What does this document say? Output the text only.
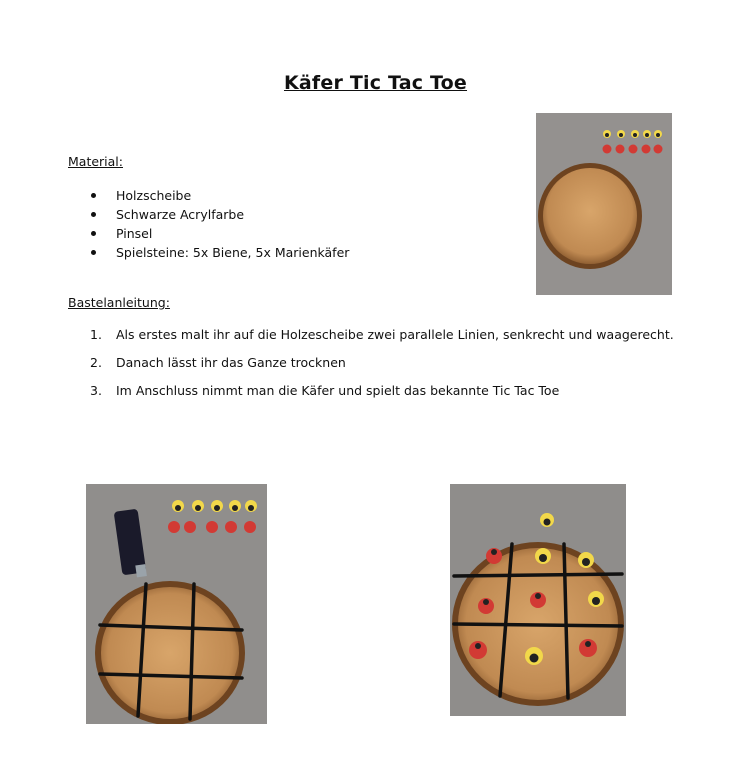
Käfer Tic Tac Toe
Material:
Holzscheibe
Schwarze Acrylfarbe
Pinsel
Spielsteine: 5x Biene, 5x Marienkäfer
Bastelanleitung:
1. Als erstes malt ihr auf die Holzescheibe zwei parallele Linien, senkrecht und waagerecht.
2. Danach lässt ihr das Ganze trocknen
3. Im Anschluss nimmt man die Käfer und spielt das bekannte Tic Tac Toe
